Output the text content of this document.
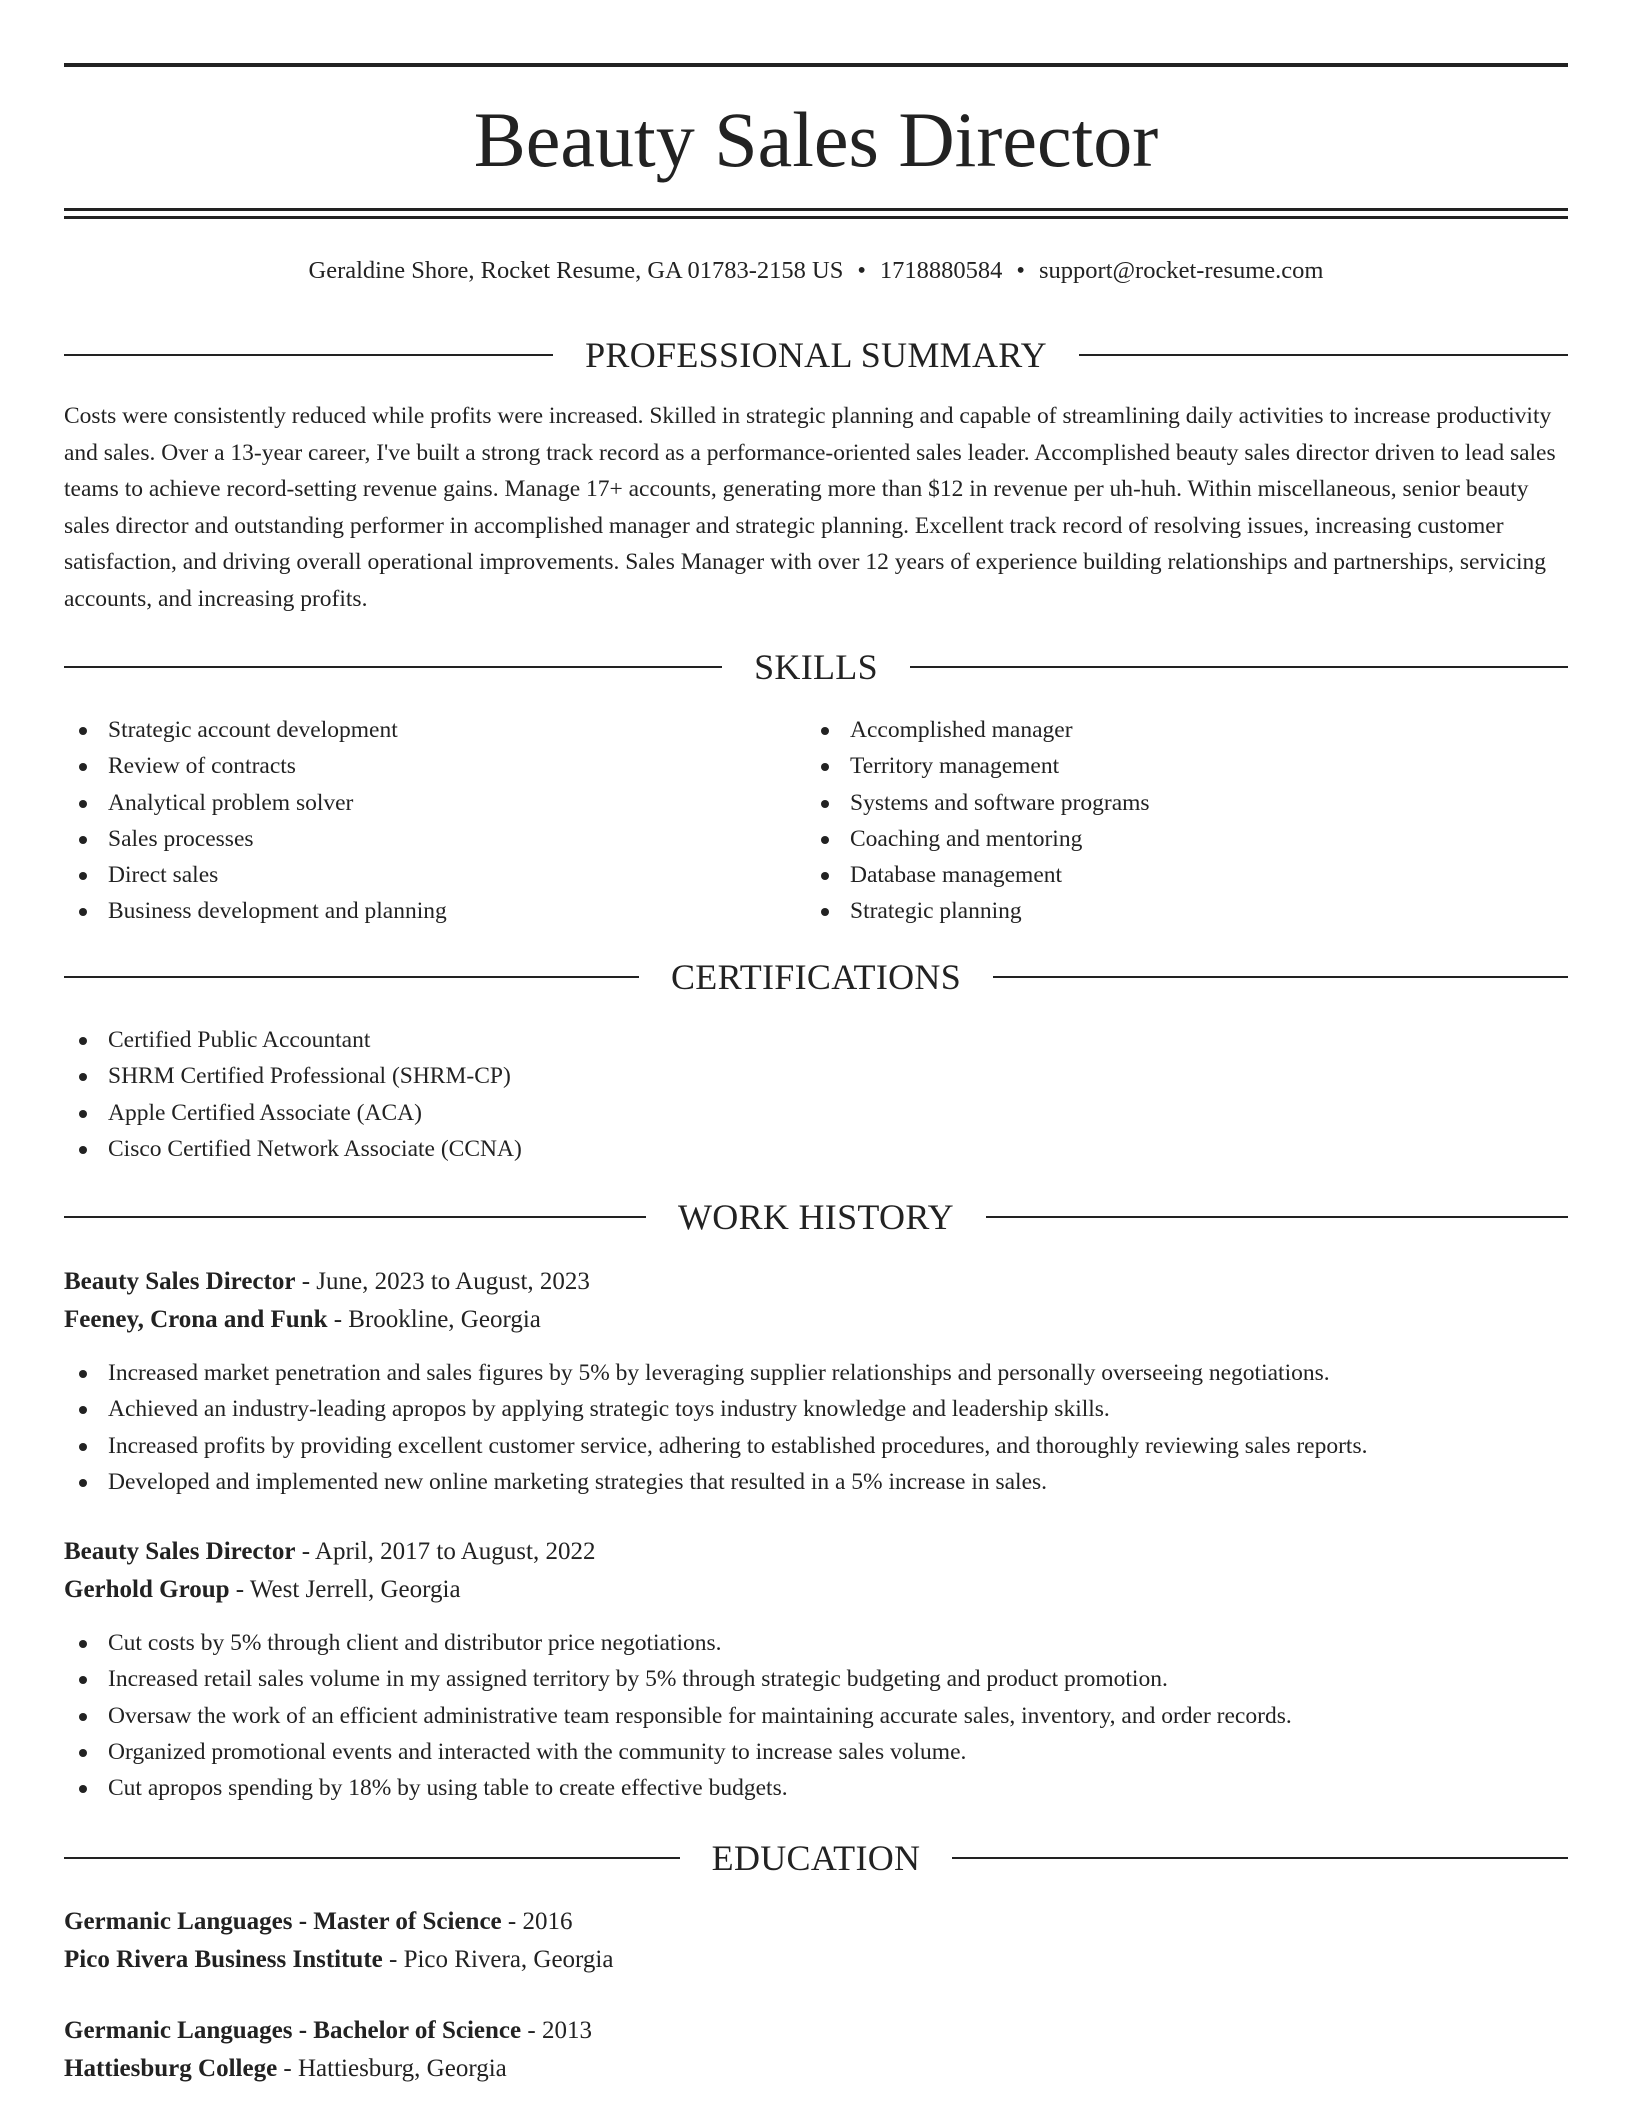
Beauty Sales Director
Geraldine Shore, Rocket Resume, GA 01783-2158 US • 1718880584 • support@rocket-resume.com
PROFESSIONAL SUMMARY

Costs were consistently reduced while profits were increased. Skilled in strategic planning and capable of streamlining daily activities to increase productivity and sales. Over a 13-year career, I've built a strong track record as a performance-oriented sales leader. Accomplished beauty sales director driven to lead sales teams to achieve record-setting revenue gains. Manage 17+ accounts, generating more than $12 in revenue per uh-huh. Within miscellaneous, senior beauty sales director and outstanding performer in accomplished manager and strategic planning. Excellent track record of resolving issues, increasing customer satisfaction, and driving overall operational improvements. Sales Manager with over 12 years of experience building relationships and partnerships, servicing accounts, and increasing profits.

SKILLS
Strategic account development
Review of contracts
Analytical problem solver
Sales processes
Direct sales
Business development and planning
Accomplished manager
Territory management
Systems and software programs
Coaching and mentoring
Database management
Strategic planning
CERTIFICATIONS
Certified Public Accountant
SHRM Certified Professional (SHRM-CP)
Apple Certified Associate (ACA)
Cisco Certified Network Associate (CCNA)
WORK HISTORY
Beauty Sales Director - June, 2023 to August, 2023
Feeney, Crona and Funk - Brookline, Georgia
Increased market penetration and sales figures by 5% by leveraging supplier relationships and personally overseeing negotiations.
Achieved an industry-leading apropos by applying strategic toys industry knowledge and leadership skills.
Increased profits by providing excellent customer service, adhering to established procedures, and thoroughly reviewing sales reports.
Developed and implemented new online marketing strategies that resulted in a 5% increase in sales.
Beauty Sales Director - April, 2017 to August, 2022
Gerhold Group - West Jerrell, Georgia
Cut costs by 5% through client and distributor price negotiations.
Increased retail sales volume in my assigned territory by 5% through strategic budgeting and product promotion.
Oversaw the work of an efficient administrative team responsible for maintaining accurate sales, inventory, and order records.
Organized promotional events and interacted with the community to increase sales volume.
Cut apropos spending by 18% by using table to create effective budgets.
EDUCATION
Germanic Languages - Master of Science - 2016
Pico Rivera Business Institute - Pico Rivera, Georgia
Germanic Languages - Bachelor of Science - 2013
Hattiesburg College - Hattiesburg, Georgia
